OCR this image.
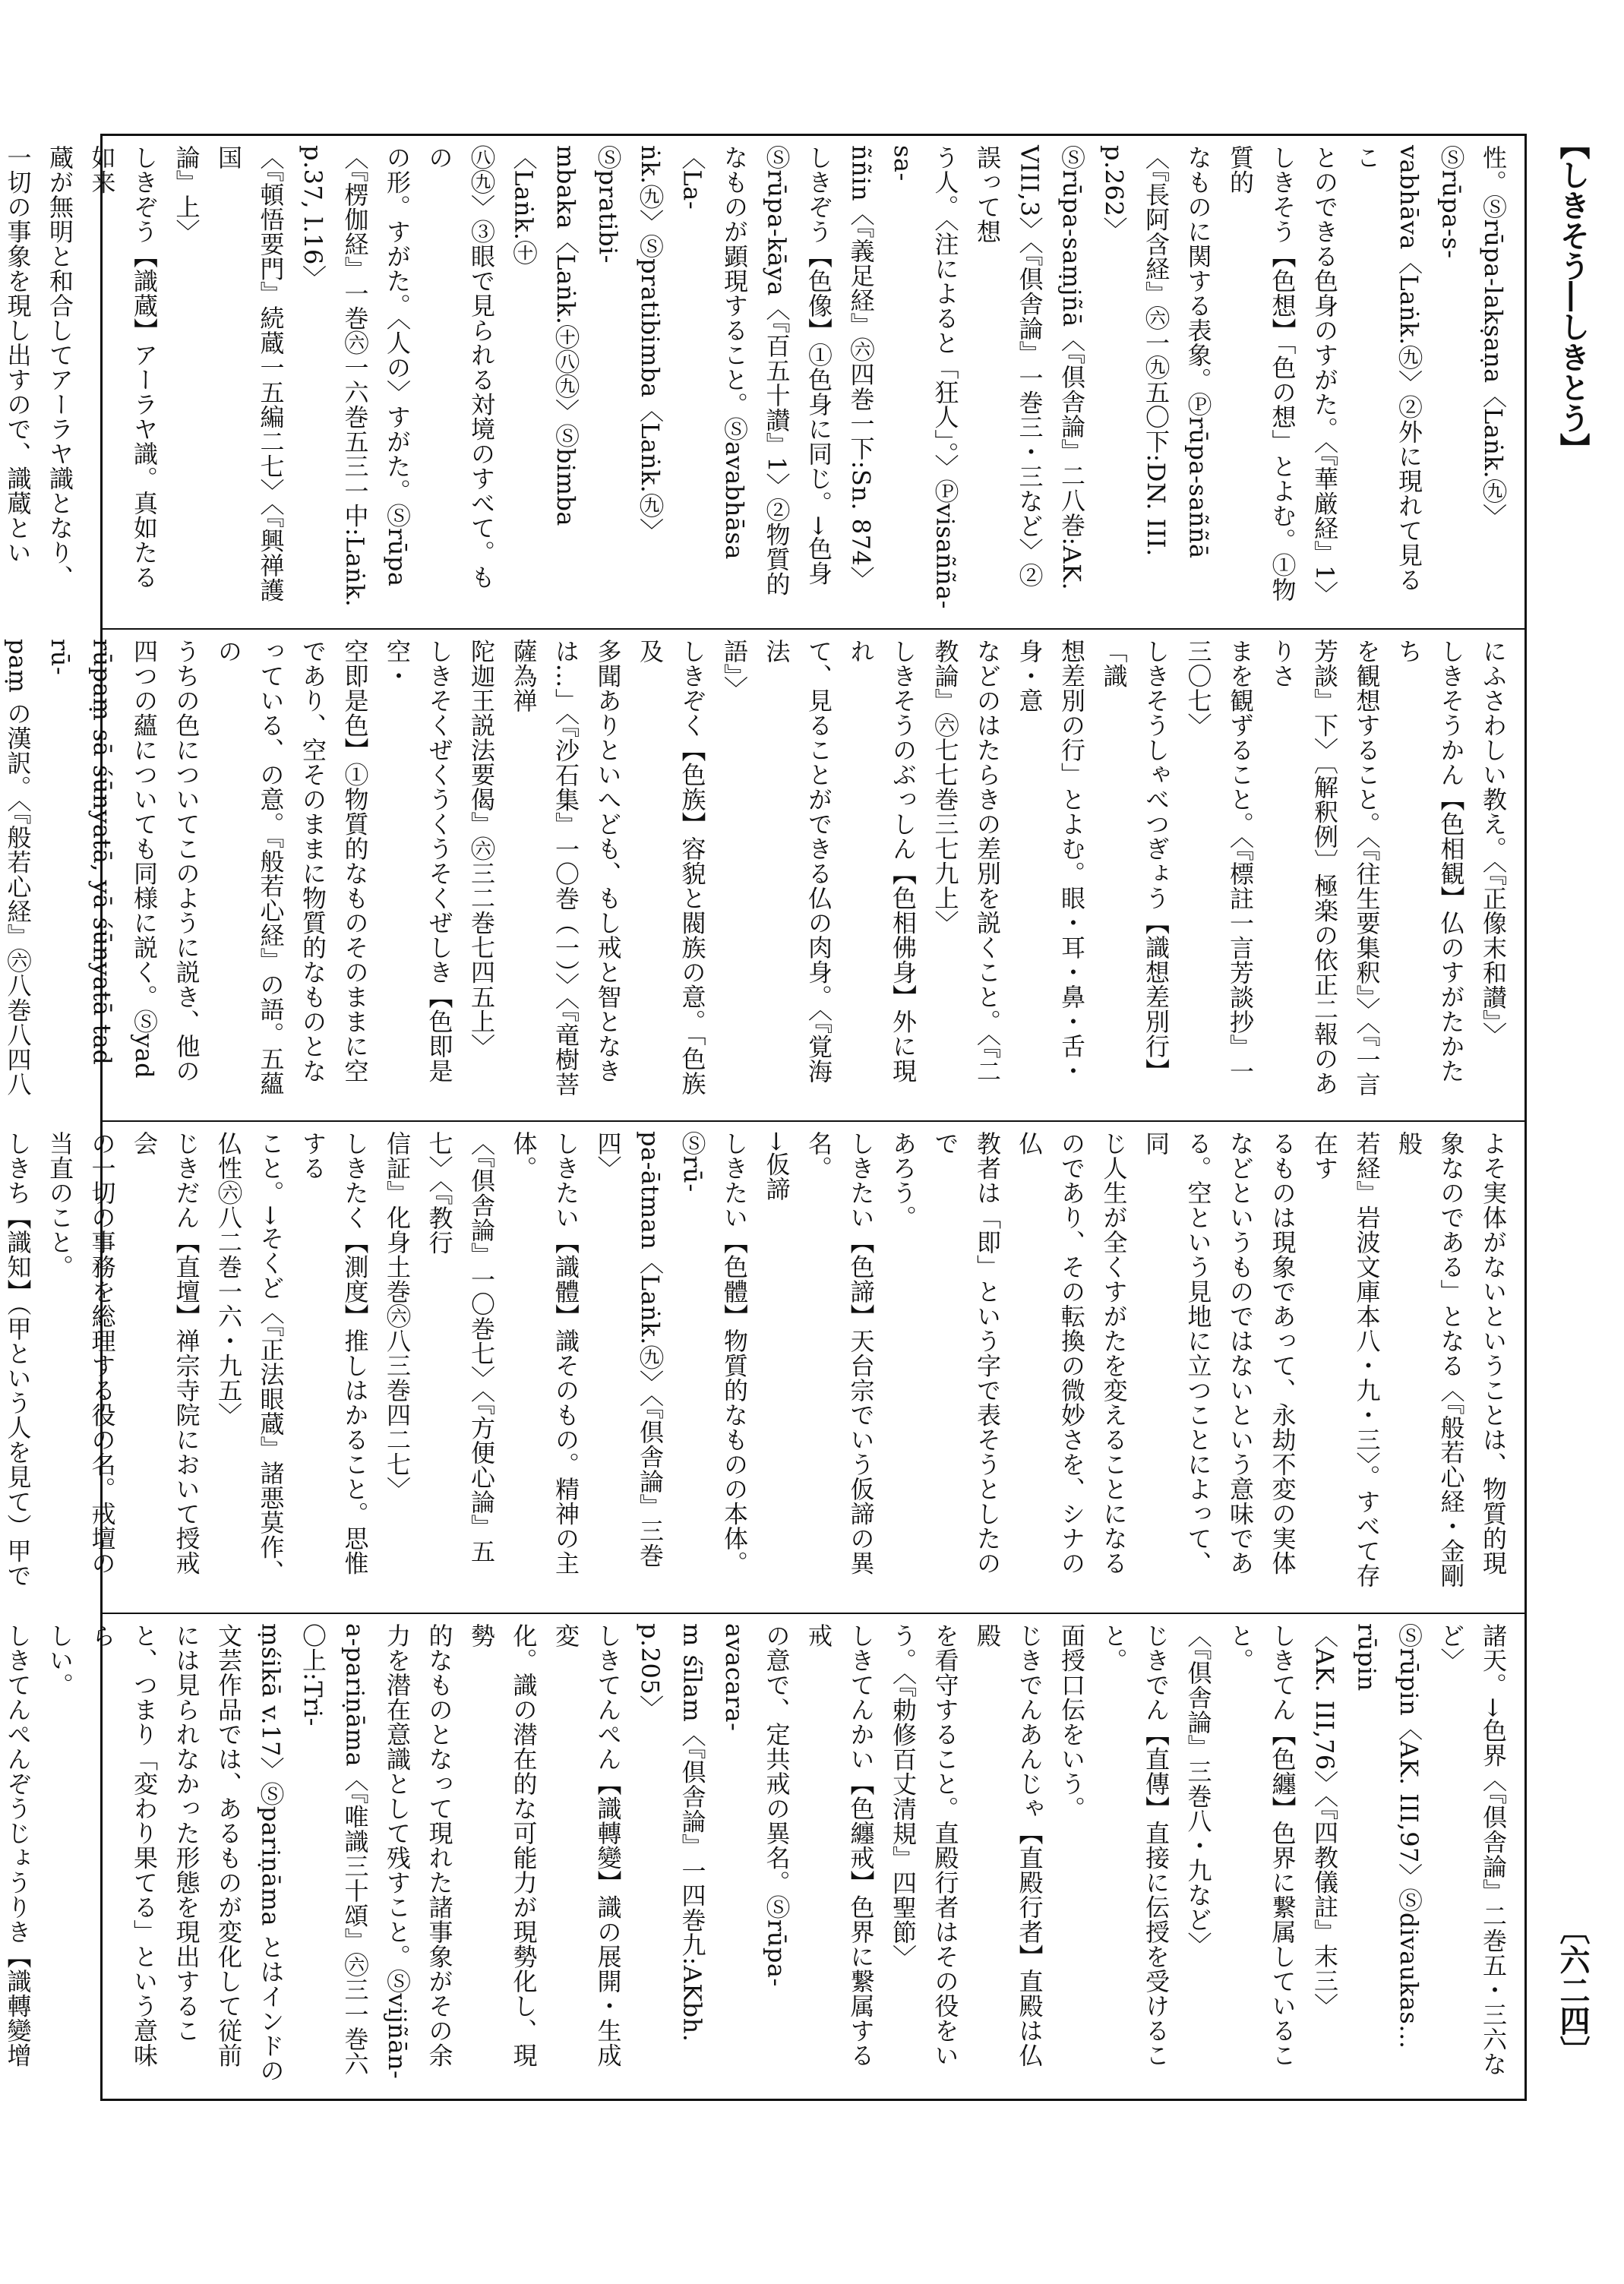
【しきそう―しきとう】
〔六二四〕

性。Ⓢrūpa-lakṣaṇa〈Laṅk.㊈〉Ⓢrūpa-s-
vabhāva〈Laṅk.㊈〉②外に現れて見るこ
とのできる色身のすがた。〈『華厳経』1〉
しきそう【色想】「色の想」とよむ。①物質的
なものに関する表象。Ⓟrūpa-saññā
〈『長阿含経』㊅一㊈五〇下:DN. III. p.262〉
Ⓢrūpa-saṃjñā〈『倶舎論』二八巻:AK.
VIII,3〉〈『倶舎論』一巻三・三など〉②誤って想
う人。〈注によると「狂人」。〉Ⓟvisañña-sa-
ññin〈『義足経』㊅四巻一下:Sn. 874〉
しきぞう【色像】①色身に同じ。→色身
Ⓢrūpa-kāya〈『百五十讃』1〉②物質的
なものが顕現すること。Ⓢavabhāsa〈La-
ṅk.㊈〉Ⓢpratibimba〈Laṅk.㊈〉Ⓢpratibi-
mbaka〈Laṅk.㊉㊇㊈〉Ⓢbimba〈Laṅk.㊉
㊇㊈〉③眼で見られる対境のすべて。もの
の形。すがた。〈人の〉すがた。Ⓢrūpa
〈『楞伽経』一巻㊅一六巻五三一中:Laṅk. p.37, l.16〉
〈『頓悟要門』続蔵一五編二七〉〈『興禅護国
論』上〉
しきぞう【識蔵】アーラヤ識。真如たる如来
蔵が無明と和合してアーラヤ識となり、
一切の事象を現し出すので、識蔵とい

にふさわしい教え。〈『正像末和讃』〉
しきそうかん【色相観】仏のすがたかたち
を観想すること。〈『往生要集釈』〉〈『一言
芳談』下〉〔解釈例〕極楽の依正二報のありさ
まを観ずること。〈『標註一言芳談抄』一三〇七〉
しきそうしゃべつぎょう【識想差別行】「識
想差別の行」とよむ。眼・耳・鼻・舌・身・意
などのはたらきの差別を説くこと。〈『二
教論』㊅七七巻三七九上〉
しきそうのぶっしん【色相佛身】外に現れ
て、見ることができる仏の肉身。〈『覚海法
語』〉
しきぞく【色族】容貌と閥族の意。「色族及
多聞ありといへども、もし戒と智となき
は…」〈『沙石集』一〇巻（一）〉〈『竜樹菩薩為禅
陀迦王説法要偈』㊅三二巻七四五上〉
しきそくぜくうくうそくぜしき【色即是空・
空即是色】①物質的なものそのままに空
であり、空そのままに物質的なものとな
っている、の意。『般若心経』の語。五蘊の
うちの色についてこのように説き、他の
四つの蘊についても同様に説く。Ⓢyad
rūpaṃ sā śūnyatā, yā śūnyatā tad rū-
paṃ の漢訳。〈『般若心経』㊅八巻八四八

よそ実体がないということは、物質的現
象なのである」となる〈『般若心経・金剛般
若経』岩波文庫本八・九・三〉。すべて存在す
るものは現象であって、永劫不変の実体
などというものではないという意味であ
る。空という見地に立つことによって、同
じ人生が全くすがたを変えることになる
のであり、その転換の微妙さを、シナの仏
教者は「即」という字で表そうとしたので
あろう。
しきたい【色諦】天台宗でいう仮諦の異名。
→仮諦
しきたい【色體】物質的なものの本体。Ⓢrū-
pa-ātman〈Laṅk.㊈〉〈『倶舎論』三巻四〉
しきたい【識體】識そのもの。精神の主体。
〈『倶舎論』一〇巻七〉〈『方便心論』五七〉〈『教行
信証』化身土巻㊅八三巻四二七〉
しきたく【測度】推しはかること。思惟する
こと。→そくど〈『正法眼蔵』諸悪莫作、
仏性㊅八二巻一六・九五〉
じきだん【直壇】禅宗寺院において授戒会
の一切の事務を総理する役の名。戒壇の
当直のこと。
しきち【識知】（甲という人を見て）甲で

諸天。→色界〈『倶舎論』二巻五・三六など〉
Ⓢrūpin〈AK. III,97〉Ⓢdivaukas…rūpin
〈AK. III,76〉〈『四教儀註』末三〉
しきてん【色纏】色界に繋属していること。
〈『倶舎論』三巻八・九など〉
じきでん【直傳】直接に伝授を受けること。
面授口伝をいう。
じきでんあんじゃ【直殿行者】直殿は仏殿
を看守すること。直殿行者はその役をい
う。〈『勅修百丈清規』四聖節〉
しきてんかい【色纏戒】色界に繋属する戒
の意で、定共戒の異名。Ⓢrūpa-avacara-
m śīlam〈『倶舎論』一四巻九:AKbh. p.205〉
しきてんぺん【識轉變】識の展開・生成変
化。識の潜在的な可能力が現勢化し、現勢
的なものとなって現れた諸事象がその余
力を潜在意識として残すこと。Ⓢvijñān-
a-pariṇāma〈『唯識三十頌』㊅三一巻六〇上:Tri-
ṃśikā v.17〉Ⓢpariṇāma とはインドの
文芸作品では、あるものが変化して従前
には見られなかった形態を現出するこ
と、つまり「変わり果てる」という意味ら
しい。
しきてんぺんぞうじょうりき【識轉變增
